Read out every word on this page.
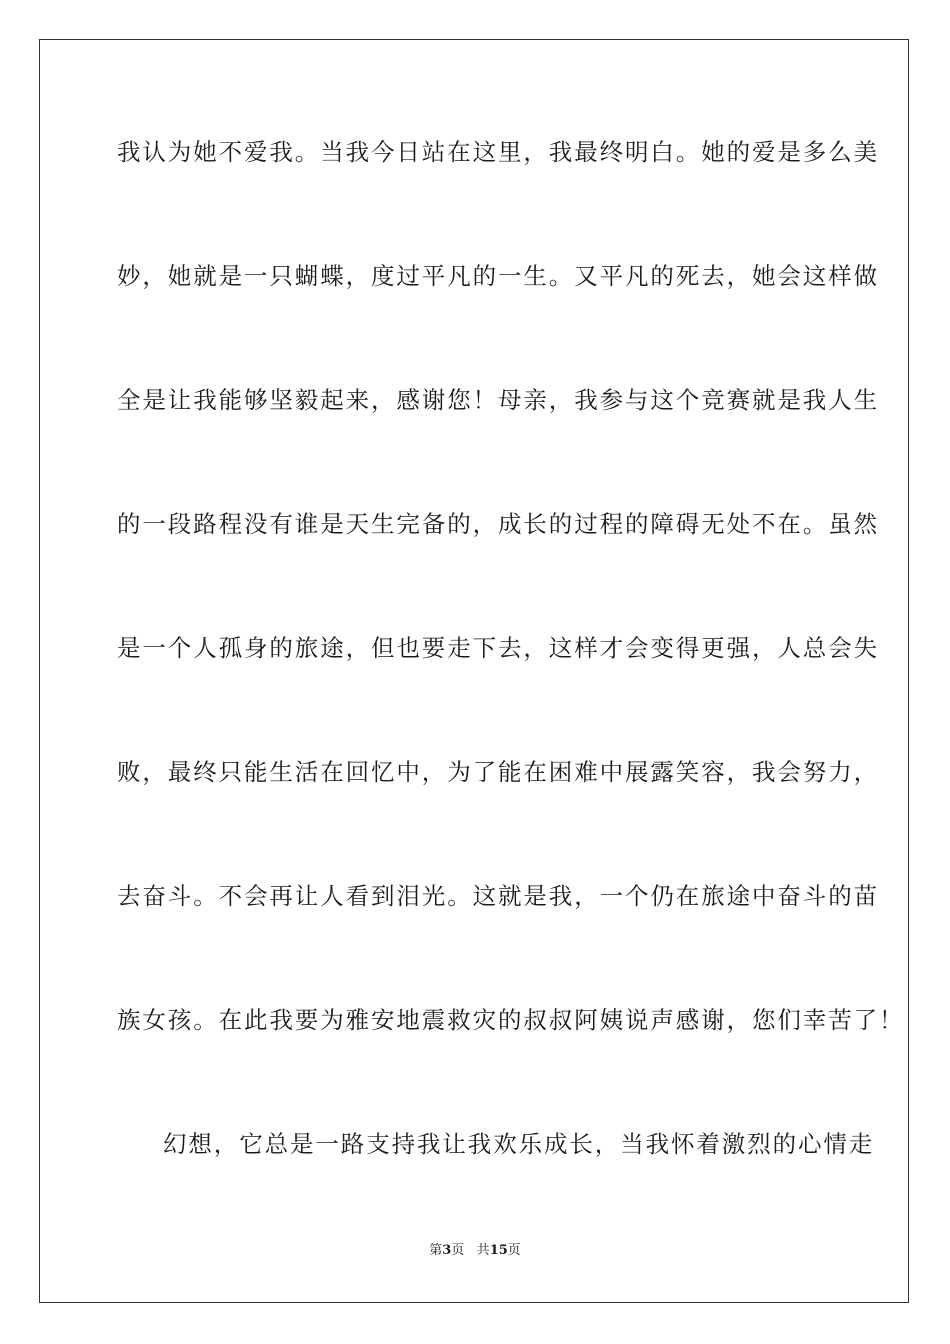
我认为她不爱我。当我今日站在这里，我最终明白。她的爱是多么美
妙，她就是一只蝴蝶，度过平凡的一生。又平凡的死去，她会这样做
全是让我能够坚毅起来，感谢您！母亲，我参与这个竞赛就是我人生
的一段路程没有谁是天生完备的，成长的过程的障碍无处不在。虽然
是一个人孤身的旅途，但也要走下去，这样才会变得更强，人总会失
败，最终只能生活在回忆中，为了能在困难中展露笑容，我会努力，
去奋斗。不会再让人看到泪光。这就是我，一个仍在旅途中奋斗的苗
族女孩。在此我要为雅安地震救灾的叔叔阿姨说声感谢，您们幸苦了！
幻想，它总是一路支持我让我欢乐成长，当我怀着激烈的心情走
第3页 共15页
